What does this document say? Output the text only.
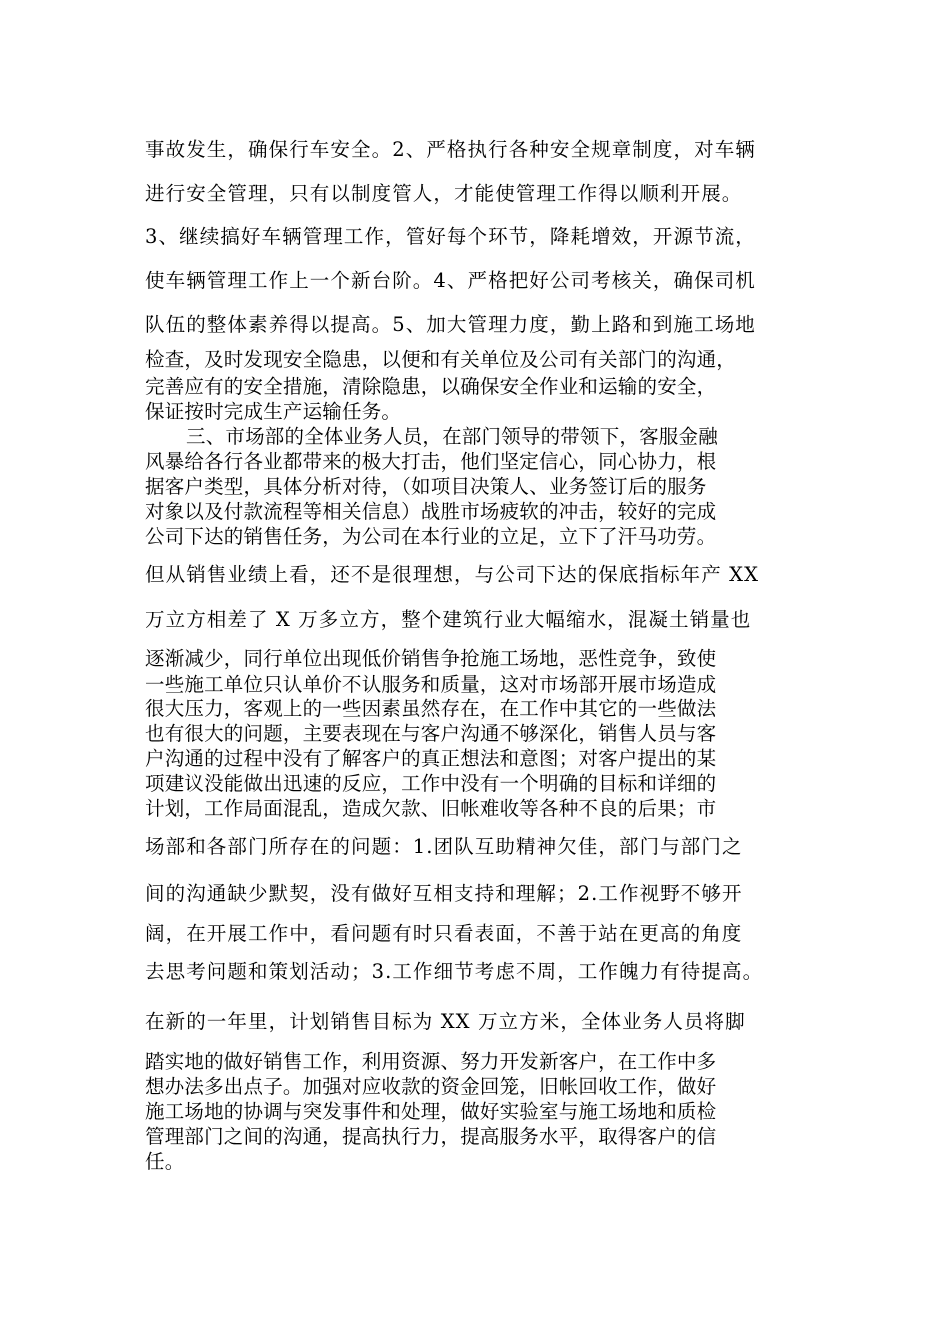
事故发生，确保行车安全。2、严格执行各种安全规章制度，对车辆
进行安全管理，只有以制度管人，才能使管理工作得以顺利开展。
3、继续搞好车辆管理工作，管好每个环节，降耗增效，开源节流，
使车辆管理工作上一个新台阶。4、严格把好公司考核关，确保司机
队伍的整体素养得以提高。5、加大管理力度，勤上路和到施工场地
检查，及时发现安全隐患，以便和有关单位及公司有关部门的沟通，
完善应有的安全措施，清除隐患，以确保安全作业和运输的安全，
保证按时完成生产运输任务。
三、市场部的全体业务人员，在部门领导的带领下，客服金融
风暴给各行各业都带来的极大打击，他们坚定信心，同心协力，根
据客户类型，具体分析对待，（如项目决策人、业务签订后的服务
对象以及付款流程等相关信息）战胜市场疲软的冲击，较好的完成
公司下达的销售任务，为公司在本行业的立足，立下了汗马功劳。
但从销售业绩上看，还不是很理想，与公司下达的保底指标年产 XX
万立方相差了 X 万多立方，整个建筑行业大幅缩水，混凝土销量也
逐渐减少，同行单位出现低价销售争抢施工场地，恶性竞争，致使
一些施工单位只认单价不认服务和质量，这对市场部开展市场造成
很大压力，客观上的一些因素虽然存在，在工作中其它的一些做法
也有很大的问题，主要表现在与客户沟通不够深化，销售人员与客
户沟通的过程中没有了解客户的真正想法和意图；对客户提出的某
项建议没能做出迅速的反应，工作中没有一个明确的目标和详细的
计划，工作局面混乱，造成欠款、旧帐难收等各种不良的后果；市
场部和各部门所存在的问题：1.团队互助精神欠佳，部门与部门之
间的沟通缺少默契，没有做好互相支持和理解；2.工作视野不够开
阔，在开展工作中，看问题有时只看表面，不善于站在更高的角度
去思考问题和策划活动；3.工作细节考虑不周，工作魄力有待提高。
在新的一年里，计划销售目标为 XX 万立方米，全体业务人员将脚
踏实地的做好销售工作，利用资源、努力开发新客户，在工作中多
想办法多出点子。加强对应收款的资金回笼，旧帐回收工作，做好
施工场地的协调与突发事件和处理，做好实验室与施工场地和质检
管理部门之间的沟通，提高执行力，提高服务水平，取得客户的信
任。
